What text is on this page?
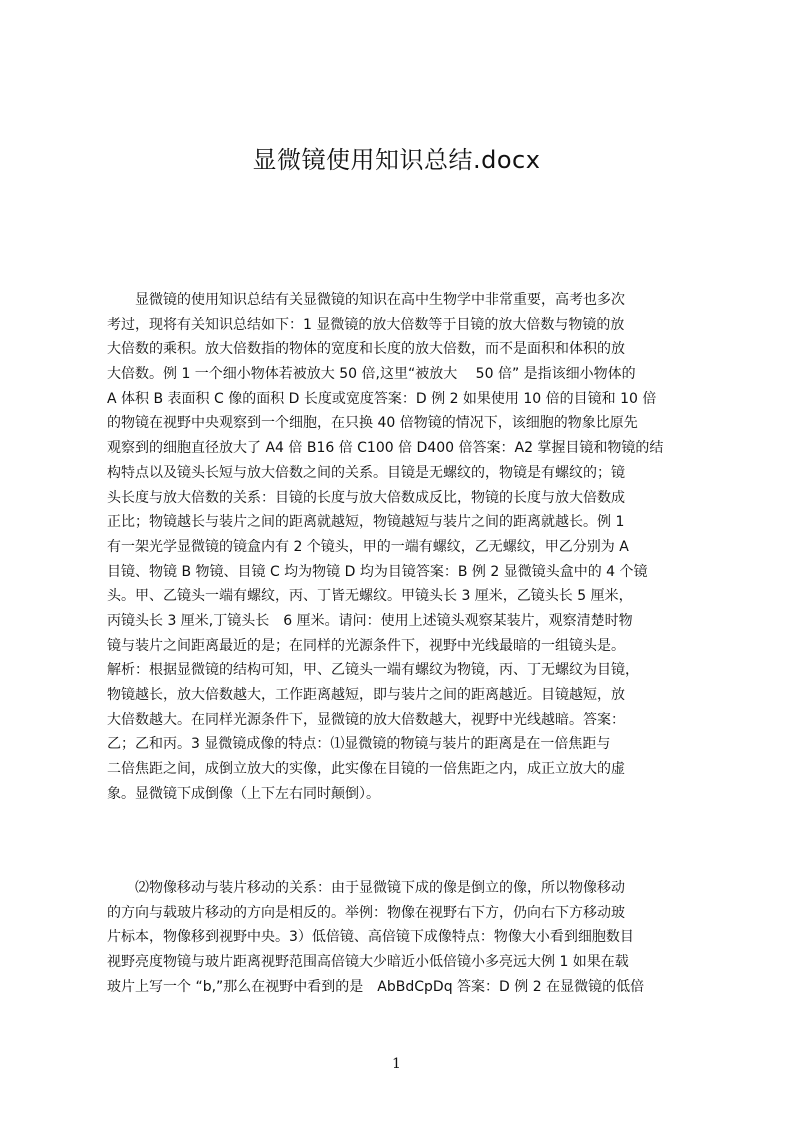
显微镜使用知识总结.docx
　　显微镜的使用知识总结有关显微镜的知识在高中生物学中非常重要，高考也多次
考过，现将有关知识总结如下：1 显微镜的放大倍数等于目镜的放大倍数与物镜的放
大倍数的乘积。放大倍数指的物体的宽度和长度的放大倍数，而不是面积和体积的放
大倍数。例 1 一个细小物体若被放大 50 倍,这里“被放大　 50 倍” 是指该细小物体的
A 体积 B 表面积 C 像的面积 D 长度或宽度答案：D 例 2 如果使用 10 倍的目镜和 10 倍
的物镜在视野中央观察到一个细胞，在只换 40 倍物镜的情况下，该细胞的物象比原先
观察到的细胞直径放大了 A4 倍 B16 倍 C100 倍 D400 倍答案：A2 掌握目镜和物镜的结
构特点以及镜头长短与放大倍数之间的关系。目镜是无螺纹的，物镜是有螺纹的；镜
头长度与放大倍数的关系：目镜的长度与放大倍数成反比，物镜的长度与放大倍数成
正比；物镜越长与装片之间的距离就越短，物镜越短与装片之间的距离就越长。例 1
有一架光学显微镜的镜盒内有 2 个镜头，甲的一端有螺纹，乙无螺纹，甲乙分别为 A
目镜、物镜 B 物镜、目镜 C 均为物镜 D 均为目镜答案：B 例 2 显微镜头盒中的 4 个镜
头。甲、乙镜头一端有螺纹，丙、丁皆无螺纹。甲镜头长 3 厘米，乙镜头长 5 厘米，
丙镜头长 3 厘米,丁镜头长　6 厘米。请问：使用上述镜头观察某装片，观察清楚时物
镜与装片之间距离最近的是；在同样的光源条件下，视野中光线最暗的一组镜头是。
解析：根据显微镜的结构可知，甲、乙镜头一端有螺纹为物镜，丙、丁无螺纹为目镜，
物镜越长，放大倍数越大，工作距离越短，即与装片之间的距离越近。目镜越短，放
大倍数越大。在同样光源条件下，显微镜的放大倍数越大，视野中光线越暗。答案：
乙；乙和丙。3 显微镜成像的特点：⑴显微镜的物镜与装片的距离是在一倍焦距与
二倍焦距之间，成倒立放大的实像，此实像在目镜的一倍焦距之内，成正立放大的虚
象。显微镜下成倒像（上下左右同时颠倒）。
　　⑵物像移动与装片移动的关系：由于显微镜下成的像是倒立的像，所以物像移动
的方向与载玻片移动的方向是相反的。举例：物像在视野右下方，仍向右下方移动玻
片标本，物像移到视野中央。3）低倍镜、高倍镜下成像特点：物像大小看到细胞数目
视野亮度物镜与玻片距离视野范围高倍镜大少暗近小低倍镜小多亮远大例 1 如果在载
玻片上写一个 “b,”那么在视野中看到的是　AbBdCpDq 答案：D 例 2 在显微镜的低倍
1
